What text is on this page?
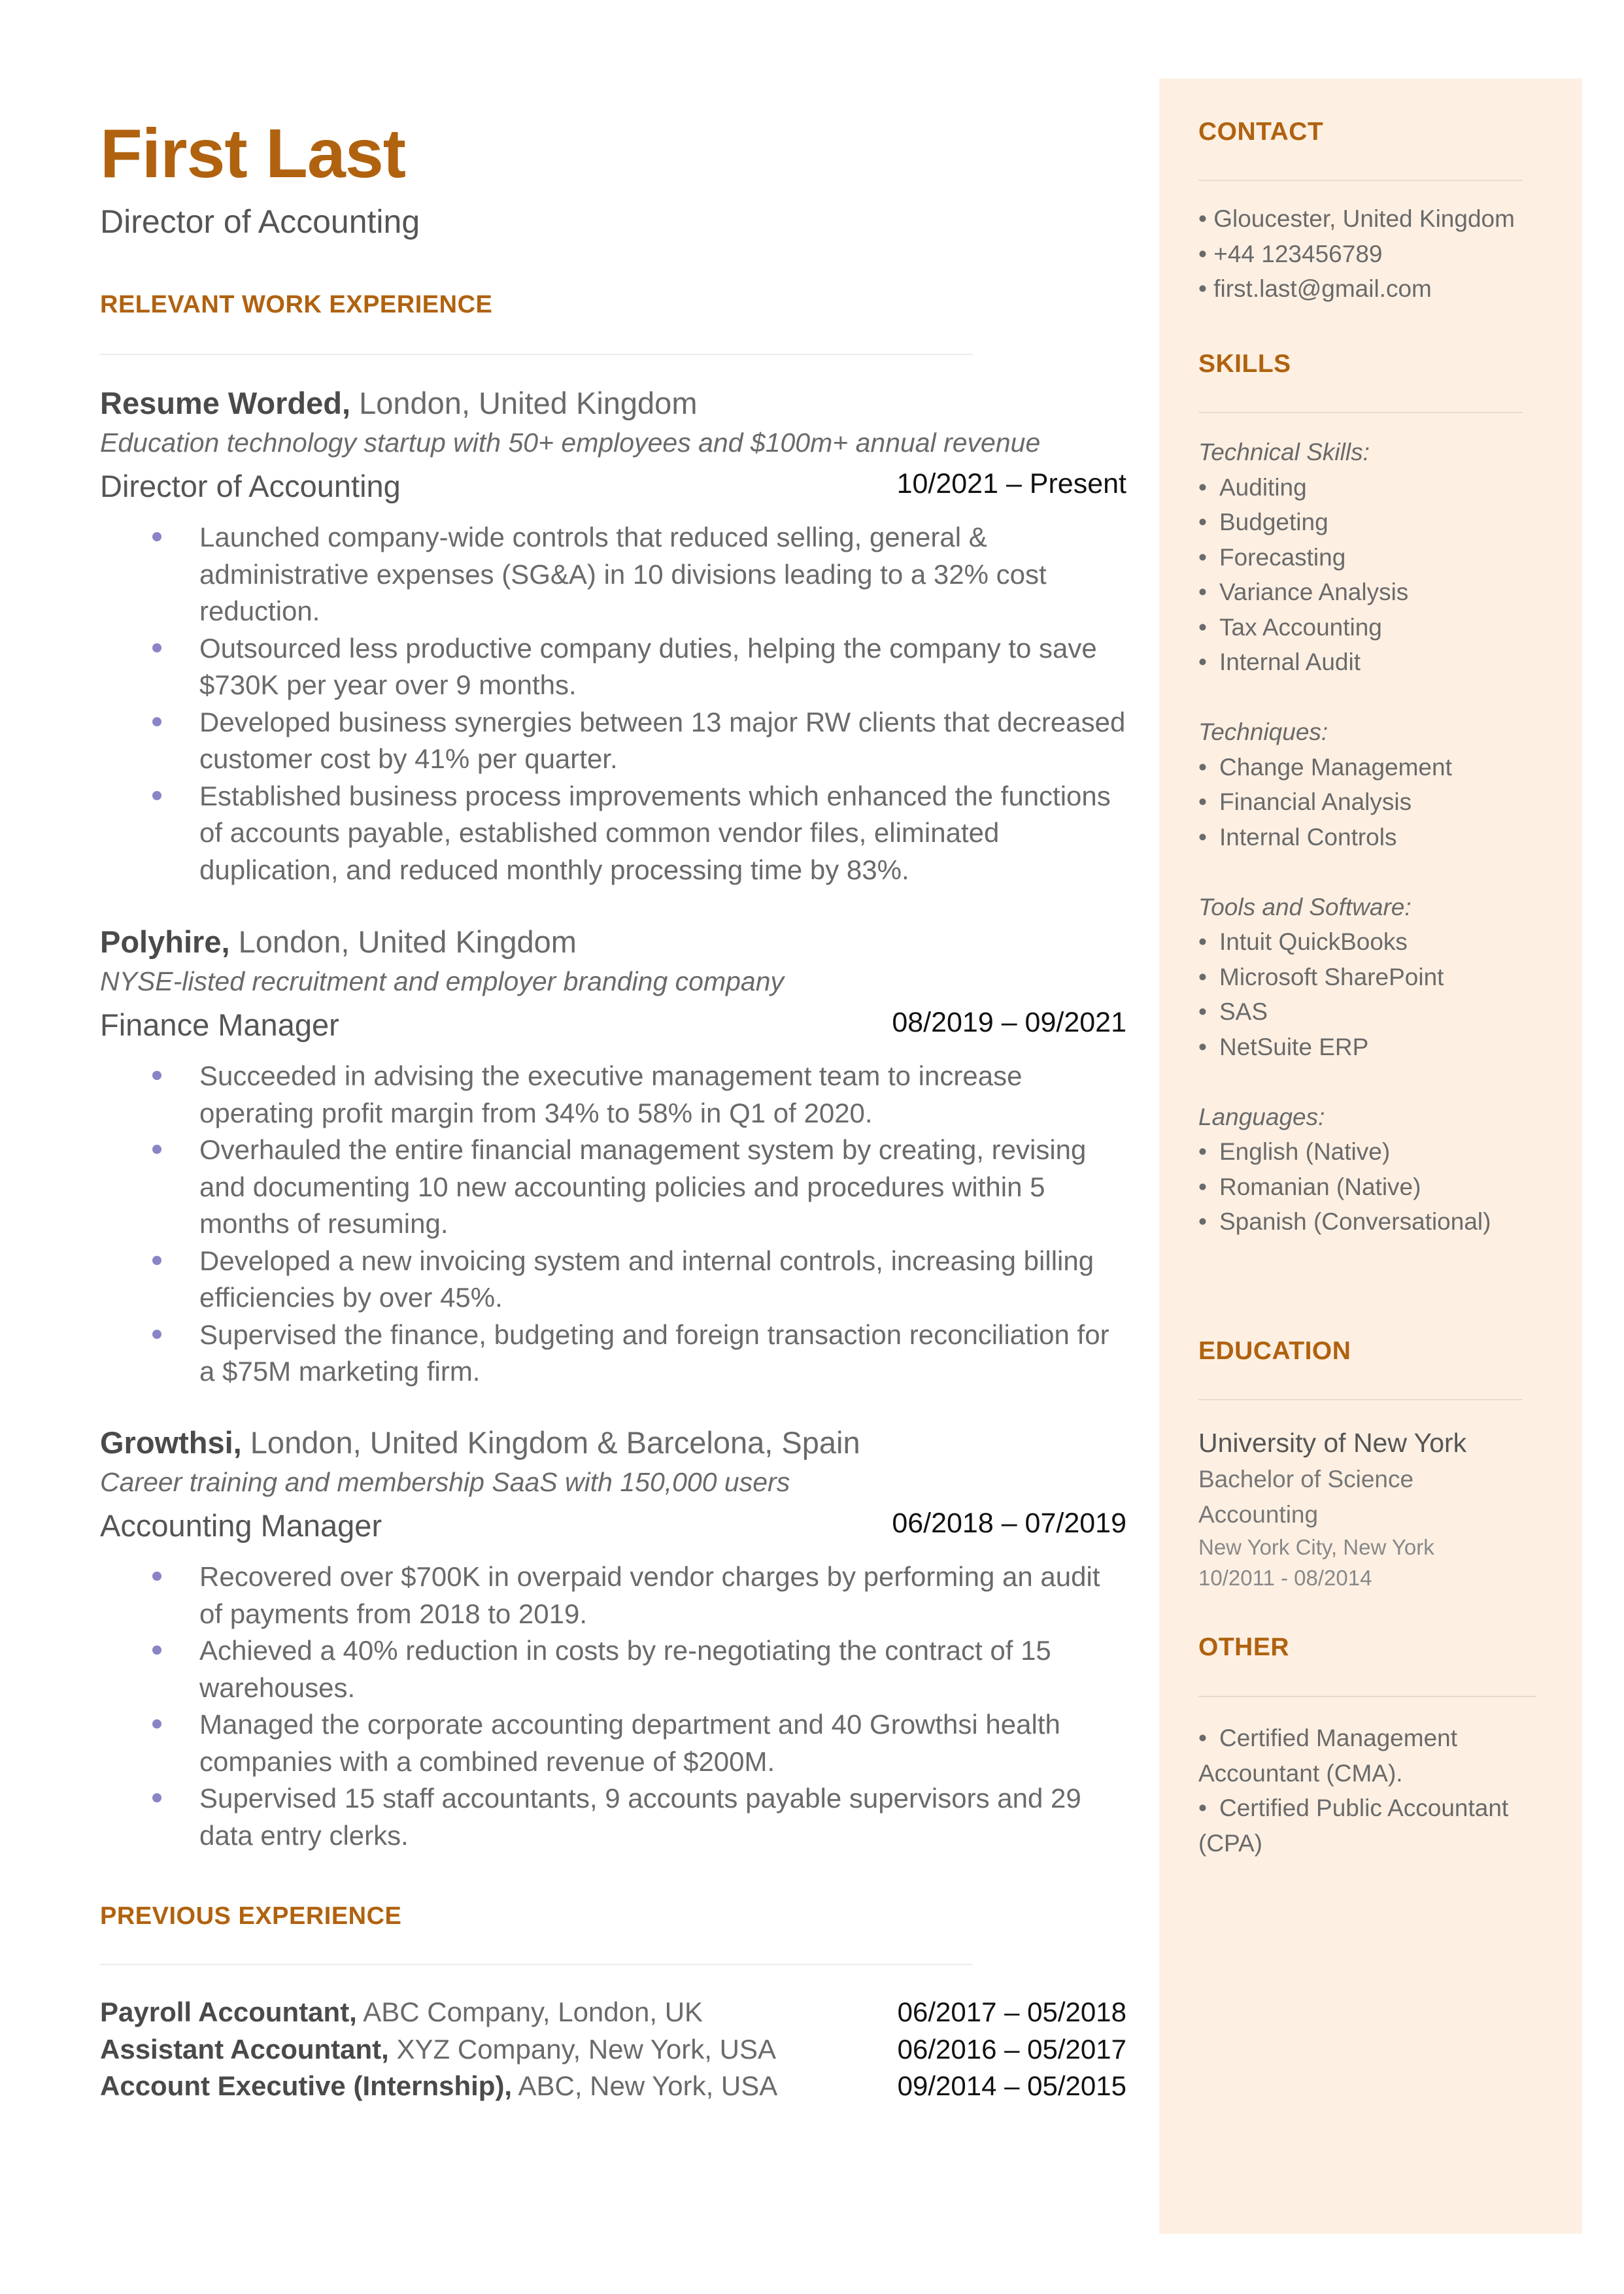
First Last
Director of Accounting
RELEVANT WORK EXPERIENCE
Resume Worded, London, United Kingdom
Education technology startup with 50+ employees and $100m+ annual revenue
Director of Accounting	10/2021 – Present
Launched company-wide controls that reduced selling, general & administrative expenses (SG&A) in 10 divisions leading to a 32% cost reduction.
Outsourced less productive company duties, helping the company to save $730K per year over 9 months.
Developed business synergies between 13 major RW clients that decreased customer cost by 41% per quarter.
Established business process improvements which enhanced the functions of accounts payable, established common vendor files, eliminated duplication, and reduced monthly processing time by 83%.
Polyhire, London, United Kingdom
NYSE-listed recruitment and employer branding company
Finance Manager	08/2019 – 09/2021
Succeeded in advising the executive management team to increase operating profit margin from 34% to 58% in Q1 of 2020.
Overhauled the entire financial management system by creating, revising and documenting 10 new accounting policies and procedures within 5 months of resuming.
Developed a new invoicing system and internal controls, increasing billing efficiencies by over 45%.
Supervised the finance, budgeting and foreign transaction reconciliation for a $75M marketing firm.
Growthsi, London, United Kingdom & Barcelona, Spain
Career training and membership SaaS with 150,000 users
Accounting Manager	06/2018 – 07/2019
Recovered over $700K in overpaid vendor charges by performing an audit of payments from 2018 to 2019.
Achieved a 40% reduction in costs by re-negotiating the contract of 15 warehouses.
Managed the corporate accounting department and 40 Growthsi health companies with a combined revenue of $200M.
Supervised 15 staff accountants, 9 accounts payable supervisors and 29 data entry clerks.
PREVIOUS EXPERIENCE
Payroll Accountant, ABC Company, London, UK	06/2017 – 05/2018
Assistant Accountant, XYZ Company, New York, USA	06/2016 – 05/2017
Account Executive (Internship), ABC, New York, USA	09/2014 – 05/2015
CONTACT
• Gloucester, United Kingdom
• +44 123456789
• first.last@gmail.com
SKILLS
Technical Skills:
• Auditing
• Budgeting
• Forecasting
• Variance Analysis
• Tax Accounting
• Internal Audit
Techniques:
• Change Management
• Financial Analysis
• Internal Controls
Tools and Software:
• Intuit QuickBooks
• Microsoft SharePoint
• SAS
• NetSuite ERP
Languages:
• English (Native)
• Romanian (Native)
• Spanish (Conversational)
EDUCATION
University of New York
Bachelor of Science
Accounting
New York City, New York
10/2011 - 08/2014
OTHER
• Certified Management Accountant (CMA).
• Certified Public Accountant (CPA)
